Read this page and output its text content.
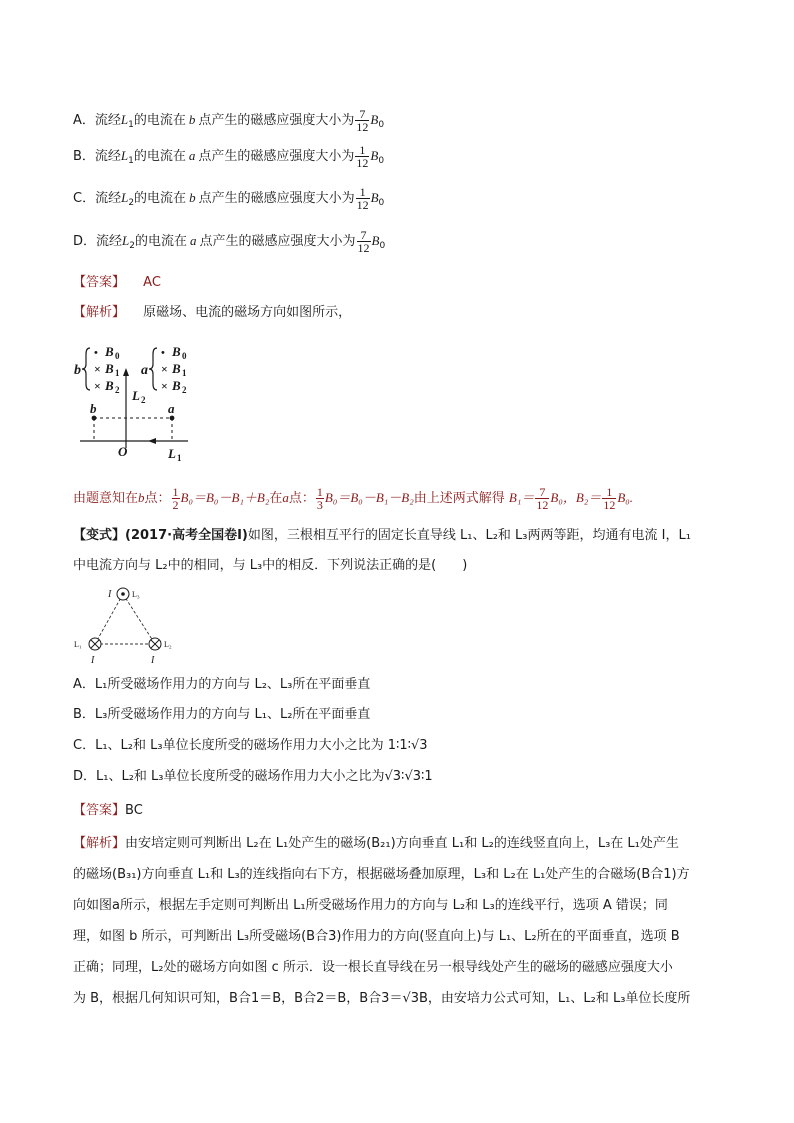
A．流经$L_1$的电流在 b 点产生的磁感应强度大小为 $\frac{7}{12} B_0$
B．流经$L_1$的电流在 a 点产生的磁感应强度大小为 $\frac{1}{12} B_0$
C．流经$L_2$的电流在 b 点产生的磁感应强度大小为 $\frac{1}{12} B_0$
D．流经$L_2$的电流在 a 点产生的磁感应强度大小为 $\frac{7}{12} B_0$
【答案】 AC
【解析】 原磁场、电流的磁场方向如图所示，
b
• B 0
× B 1
× B 2
a
• B 0
× B 1
× B 2
L 2
b	a
O	L 1
由题意知在b点： $\frac{1}{2} B_0=B_0-B_1+B_2$在a点： $\frac{1}{3} B_0=B_0-B_1-B_2$由上述两式解得 $B_1= \frac{7}{12} B_0$，$B_2= \frac{1}{12} B_0$.
【变式】(2017·高考全国卷Ⅰ)如图，三根相互平行的固定长直导线 L₁、L₂和 L₃两两等距，均通有电流 I，L₁
中电流方向与 L₂中的相同，与 L₃中的相反．下列说法正确的是(　　)
I	L₃
L₁	L₂
I	I
A．L₁所受磁场作用力的方向与 L₂、L₃所在平面垂直
B．L₃所受磁场作用力的方向与 L₁、L₂所在平面垂直
C．L₁、L₂和 L₃单位长度所受的磁场作用力大小之比为 1∶1∶√3
D．L₁、L₂和 L₃单位长度所受的磁场作用力大小之比为√3∶√3∶1
【答案】BC
【解析】由安培定则可判断出 L₂在 L₁处产生的磁场(B₂₁)方向垂直 L₁和 L₂的连线竖直向上，L₃在 L₁处产生
的磁场(B₃₁)方向垂直 L₁和 L₃的连线指向右下方，根据磁场叠加原理，L₃和 L₂在 L₁处产生的合磁场(B合1)方
向如图a所示，根据左手定则可判断出 L₁所受磁场作用力的方向与 L₂和 L₃的连线平行，选项 A 错误；同
理，如图 b 所示，可判断出 L₃所受磁场(B合3)作用力的方向(竖直向上)与 L₁、L₂所在的平面垂直，选项 B
正确；同理，L₂处的磁场方向如图 c 所示．设一根长直导线在另一根导线处产生的磁场的磁感应强度大小
为 B，根据几何知识可知，B合1＝B，B合2＝B，B合3＝√3B，由安培力公式可知，L₁、L₂和 L₃单位长度所
